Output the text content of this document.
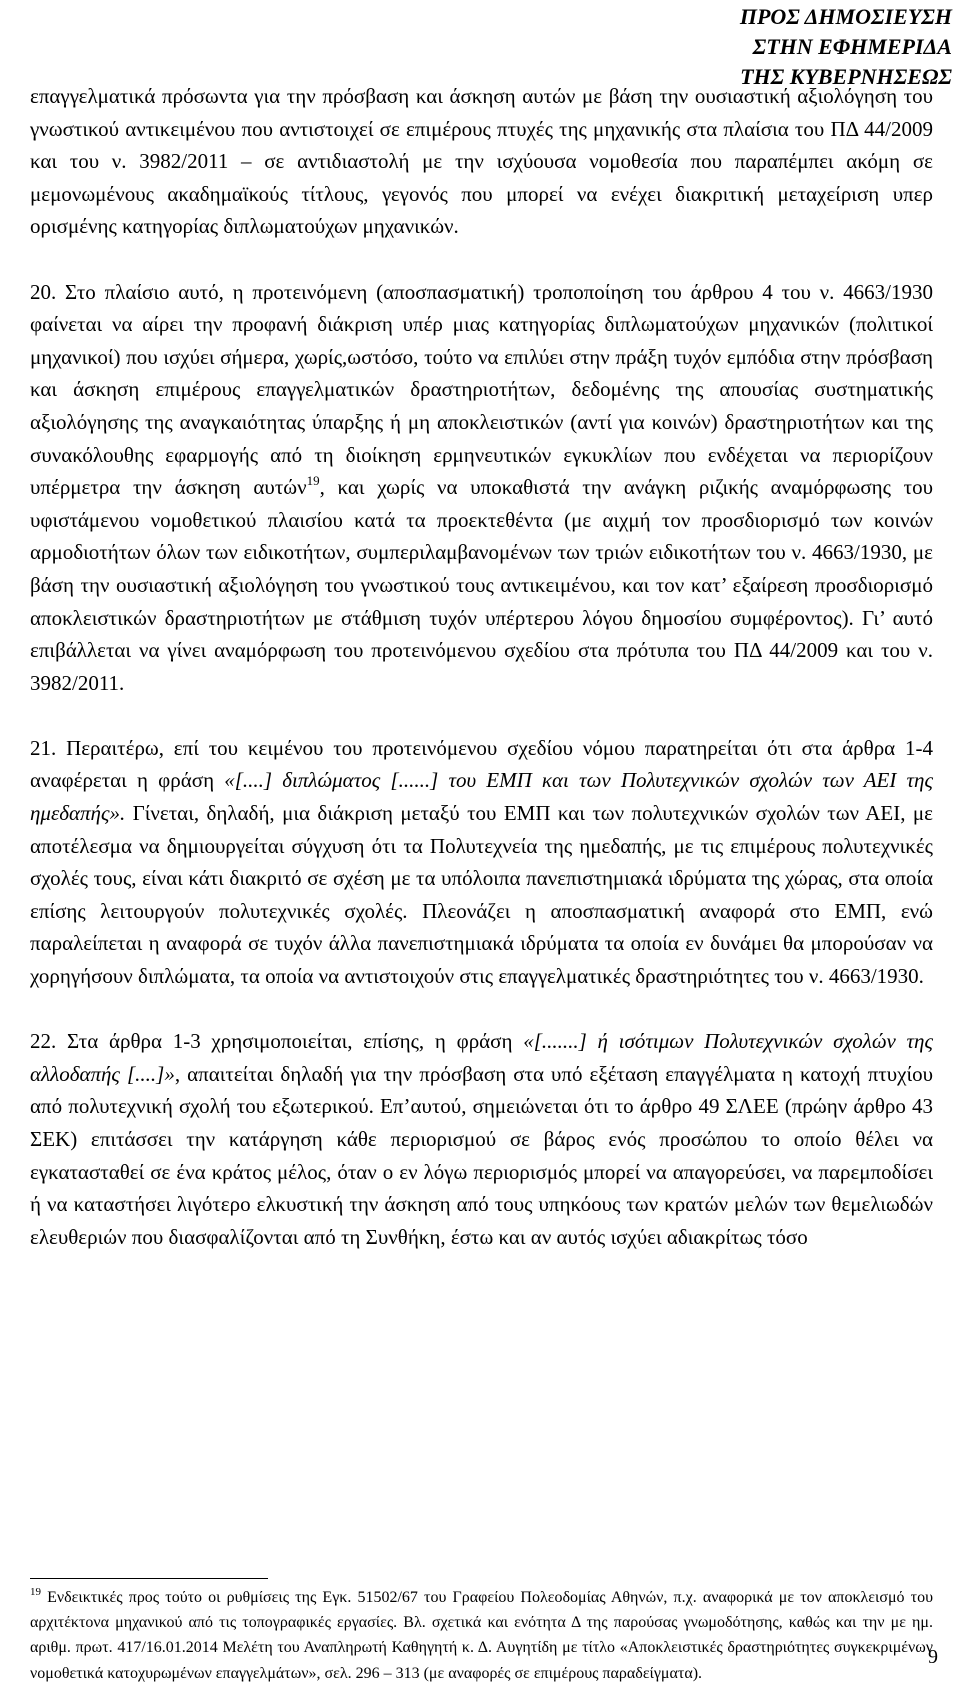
ΠΡΟΣ ΔΗΜΟΣΙΕΥΣΗ
ΣΤΗΝ ΕΦΗΜΕΡΙΔΑ
ΤΗΣ ΚΥΒΕΡΝΗΣΕΩΣ

επαγγελματικά πρόσωντα για την πρόσβαση και άσκηση αυτών με βάση την ουσιαστική αξιολόγηση του γνωστικού αντικειμένου που αντιστοιχεί σε επιμέρους πτυχές της μηχανικής στα πλαίσια του ΠΔ 44/2009 και του ν. 3982/2011 – σε αντιδιαστολή με την ισχύουσα νομοθεσία που παραπέμπει ακόμη σε μεμονωμένους ακαδημαϊκούς τίτλους, γεγονός που μπορεί να ενέχει διακριτική μεταχείριση υπερ ορισμένης κατηγορίας διπλωματούχων μηχανικών.

20. Στο πλαίσιο αυτό, η προτεινόμενη (αποσπασματική) τροποποίηση του άρθρου 4 του ν. 4663/1930 φαίνεται να αίρει την προφανή διάκριση υπέρ μιας κατηγορίας διπλωματούχων μηχανικών (πολιτικοί μηχανικοί) που ισχύει σήμερα, χωρίς,ωστόσο, τούτο να επιλύει στην πράξη τυχόν εμπόδια στην πρόσβαση και άσκηση επιμέρους επαγγελματικών δραστηριοτήτων, δεδομένης της απουσίας συστηματικής αξιολόγησης της αναγκαιότητας ύπαρξης ή μη αποκλειστικών (αντί για κοινών) δραστηριοτήτων και της συνακόλουθης εφαρμογής από τη διοίκηση ερμηνευτικών εγκυκλίων που ενδέχεται να περιορίζουν υπέρμετρα την άσκηση αυτών$^{19}$, και χωρίς να υποκαθιστά την ανάγκη ριζικής αναμόρφωσης του υφιστάμενου νομοθετικού πλαισίου κατά τα προεκτεθέντα (με αιχμή τον προσδιορισμό των κοινών αρμοδιοτήτων όλων των ειδικοτήτων, συμπεριλαμβανομένων των τριών ειδικοτήτων του ν. 4663/1930, με βάση την ουσιαστική αξιολόγηση του γνωστικού τους αντικειμένου, και τον κατ’ εξαίρεση προσδιορισμό αποκλειστικών δραστηριοτήτων με στάθμιση τυχόν υπέρτερου λόγου δημοσίου συμφέροντος). Γι’ αυτό επιβάλλεται να γίνει αναμόρφωση του προτεινόμενου σχεδίου στα πρότυπα του ΠΔ 44/2009 και του ν. 3982/2011.

21. Περαιτέρω, επί του κειμένου του προτεινόμενου σχεδίου νόμου παρατηρείται ότι στα άρθρα 1-4 αναφέρεται η φράση «[....] διπλώματος [......] του ΕΜΠ και των Πολυτεχνικών σχολών των ΑΕΙ της ημεδαπής». Γίνεται, δηλαδή, μια διάκριση μεταξύ του ΕΜΠ και των πολυτεχνικών σχολών των ΑΕΙ, με αποτέλεσμα να δημιουργείται σύγχυση ότι τα Πολυτεχνεία της ημεδαπής, με τις επιμέρους πολυτεχνικές σχολές τους, είναι κάτι διακριτό σε σχέση με τα υπόλοιπα πανεπιστημιακά ιδρύματα της χώρας, στα οποία επίσης λειτουργούν πολυτεχνικές σχολές. Πλεονάζει η αποσπασματική αναφορά στο ΕΜΠ, ενώ παραλείπεται η αναφορά σε τυχόν άλλα πανεπιστημιακά ιδρύματα τα οποία εν δυνάμει θα μπορούσαν να χορηγήσουν διπλώματα, τα οποία να αντιστοιχούν στις επαγγελματικές δραστηριότητες του ν. 4663/1930.

22. Στα άρθρα 1-3 χρησιμοποιείται, επίσης, η φράση «[.......] ή ισότιμων Πολυτεχνικών σχολών της αλλοδαπής [....]», απαιτείται δηλαδή για την πρόσβαση στα υπό εξέταση επαγγέλματα η κατοχή πτυχίου από πολυτεχνική σχολή του εξωτερικού. Επ’αυτού, σημειώνεται ότι το άρθρο 49 ΣΛΕΕ (πρώην άρθρο 43 ΣΕΚ) επιτάσσει την κατάργηση κάθε περιορισμού σε βάρος ενός προσώπου το οποίο θέλει να εγκατασταθεί σε ένα κράτος μέλος, όταν ο εν λόγω περιορισμός μπορεί να απαγορεύσει, να παρεμποδίσει ή να καταστήσει λιγότερο ελκυστική την άσκηση από τους υπηκόους των κρατών μελών των θεμελιωδών ελευθεριών που διασφαλίζονται από τη Συνθήκη, έστω και αν αυτός ισχύει αδιακρίτως τόσο

$^{19}$ Ενδεικτικές προς τούτο οι ρυθμίσεις της Εγκ. 51502/67 του Γραφείου Πολεοδομίας Αθηνών, π.χ. αναφορικά με τον αποκλεισμό του αρχιτέκτονα μηχανικού από τις τοπογραφικές εργασίες. Βλ. σχετικά και ενότητα Δ της παρούσας γνωμοδότησης, καθώς και την με ημ. αριθμ. πρωτ. 417/16.01.2014 Μελέτη του Αναπληρωτή Καθηγητή κ. Δ. Αυγητίδη με τίτλο «Αποκλειστικές δραστηριότητες συγκεκριμένων νομοθετικά κατοχυρωμένων επαγγελμάτων», σελ. 296 – 313 (με αναφορές σε επιμέρους παραδείγματα).
9
